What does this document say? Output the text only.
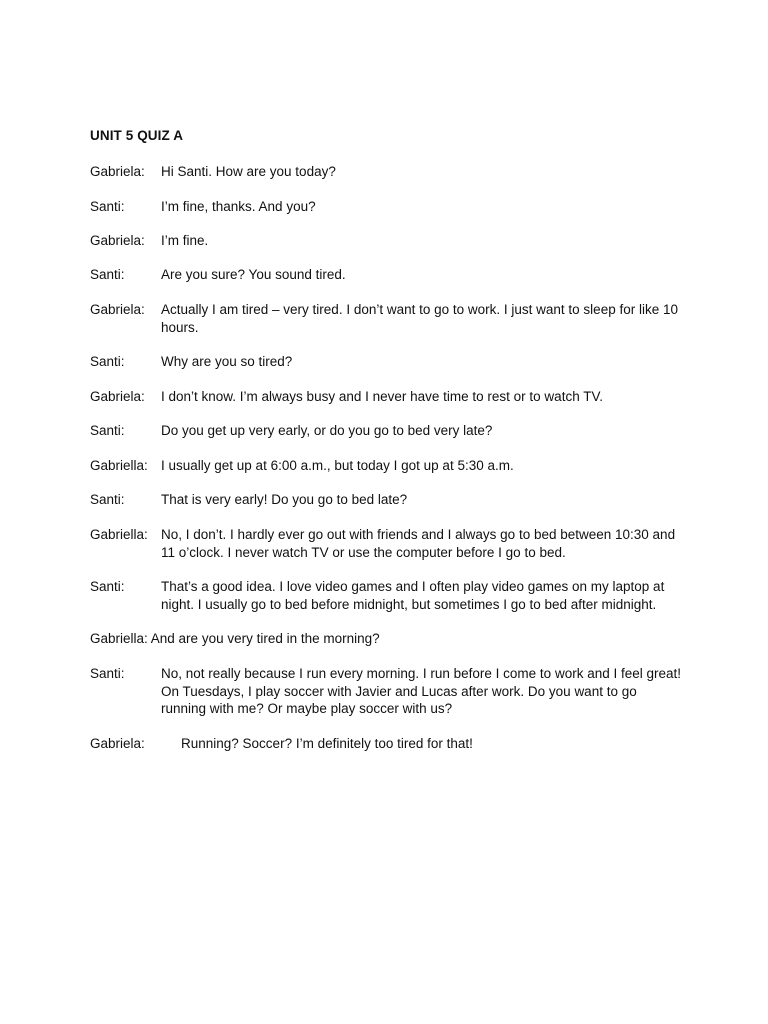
UNIT 5 QUIZ A
Gabriela: Hi Santi. How are you today?
Santi:	I’m fine, thanks. And you?
Gabriela: I’m fine.
Santi:	Are you sure? You sound tired.
Gabriela: Actually I am tired – very tired. I don’t want to go to work. I just want to sleep for like 10 hours.
Santi:	Why are you so tired?
Gabriela: I don’t know. I’m always busy and I never have time to rest or to watch TV.
Santi:	Do you get up very early, or do you go to bed very late?
Gabriella: I usually get up at 6:00 a.m., but today I got up at 5:30 a.m.
Santi:	That is very early! Do you go to bed late?
Gabriella: No, I don’t. I hardly ever go out with friends and I always go to bed between 10:30 and 11 o’clock. I never watch TV or use the computer before I go to bed.
Santi:	That’s a good idea. I love video games and I often play video games on my laptop at night. I usually go to bed before midnight, but sometimes I go to bed after midnight.
Gabriella: And are you very tired in the morning?
Santi:	No, not really because I run every morning. I run before I come to work and I feel great! On Tuesdays, I play soccer with Javier and Lucas after work. Do you want to go running with me? Or maybe play soccer with us?
Gabriela:	Running? Soccer? I’m definitely too tired for that!
